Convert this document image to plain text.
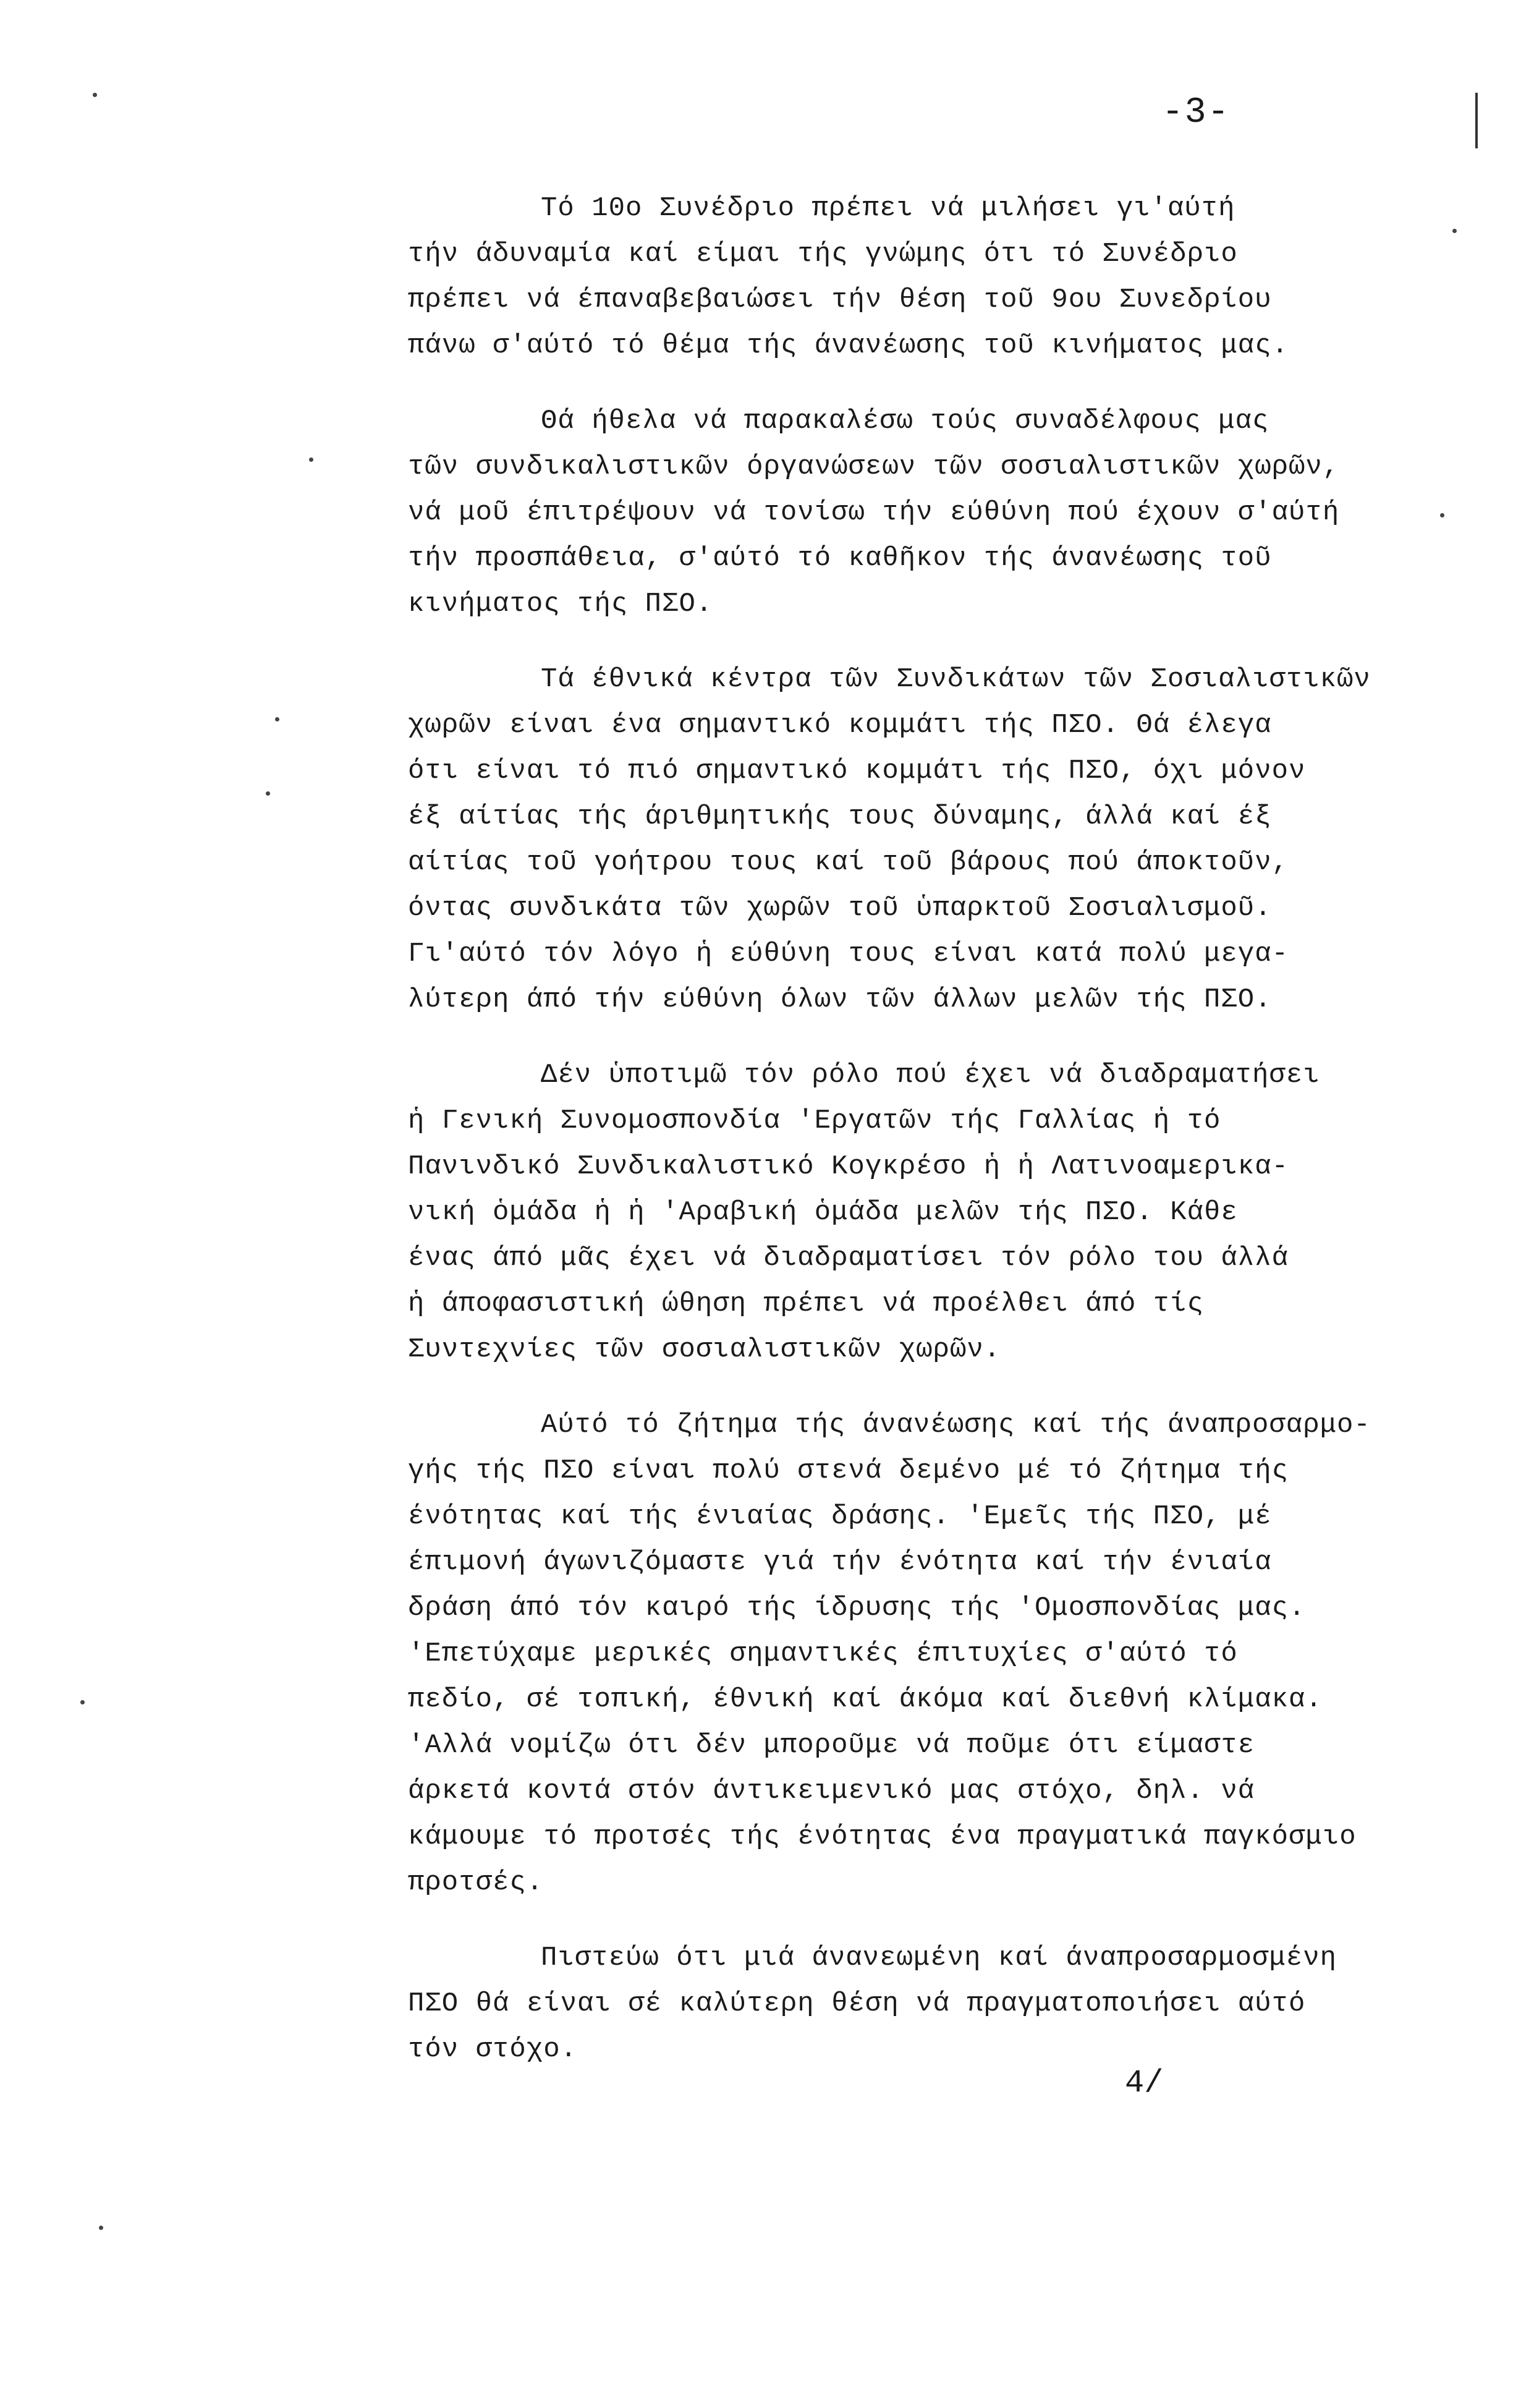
-3-
Τό 10ο Συνέδριο πρέπει νά μιλήσει γι'αύτή
τήν άδυναμία καί είμαι τής γνώμης ότι τό Συνέδριο
πρέπει νά έπαναβεβαιώσει τήν θέση τοῦ 9ου Συνεδρίου
πάνω σ'αύτό τό θέμα τής άνανέωσης τοῦ κινήματος μας.
Θά ήθελα νά παρακαλέσω τούς συναδέλφους μας
τῶν συνδικαλιστικῶν όργανώσεων τῶν σοσιαλιστικῶν χωρῶν,
νά μοῦ έπιτρέψουν νά τονίσω τήν εύθύνη πού έχουν σ'αύτή
τήν προσπάθεια, σ'αύτό τό καθῆκον τής άνανέωσης τοῦ
κινήματος τής ΠΣΟ.
Τά έθνικά κέντρα τῶν Συνδικάτων τῶν Σοσιαλιστικῶν
χωρῶν είναι ένα σημαντικό κομμάτι τής ΠΣΟ. Θά έλεγα
ότι είναι τό πιό σημαντικό κομμάτι τής ΠΣΟ, όχι μόνον
έξ αίτίας τής άριθμητικής τους δύναμης, άλλά καί έξ
αίτίας τοῦ γοήτρου τους καί τοῦ βάρους πού άποκτοῦν,
όντας συνδικάτα τῶν χωρῶν τοῦ ὑπαρκτοῦ Σοσιαλισμοῦ.
Γι'αύτό τόν λόγο ἡ εύθύνη τους είναι κατά πολύ μεγα-
λύτερη άπό τήν εύθύνη όλων τῶν άλλων μελῶν τής ΠΣΟ.
Δέν ὑποτιμῶ τόν ρόλο πού έχει νά διαδραματήσει
ἡ Γενική Συνομοσπονδία 'Εργατῶν τής Γαλλίας ἡ τό
Πανινδικό Συνδικαλιστικό Κογκρέσο ἡ ἡ Λατινοαμερικα-
νική ὁμάδα ἡ ἡ 'Αραβική ὁμάδα μελῶν τής ΠΣΟ. Κάθε
ένας άπό μᾶς έχει νά διαδραματίσει τόν ρόλο του άλλά
ἡ άποφασιστική ώθηση πρέπει νά προέλθει άπό τίς
Συντεχνίες τῶν σοσιαλιστικῶν χωρῶν.
Αύτό τό ζήτημα τής άνανέωσης καί τής άναπροσαρμο-
γής τής ΠΣΟ είναι πολύ στενά δεμένο μέ τό ζήτημα τής
ένότητας καί τής ένιαίας δράσης. 'Εμεῖς τής ΠΣΟ, μέ
έπιμονή άγωνιζόμαστε γιά τήν ένότητα καί τήν ένιαία
δράση άπό τόν καιρό τής ίδρυσης τής 'Ομοσπονδίας μας.
'Επετύχαμε μερικές σημαντικές έπιτυχίες σ'αύτό τό
πεδίο, σέ τοπική, έθνική καί άκόμα καί διεθνή κλίμακα.
'Αλλά νομίζω ότι δέν μποροῦμε νά ποῦμε ότι είμαστε
άρκετά κοντά στόν άντικειμενικό μας στόχο, δηλ. νά
κάμουμε τό προτσές τής ένότητας ένα πραγματικά παγκόσμιο
προτσές.
Πιστεύω ότι μιά άνανεωμένη καί άναπροσαρμοσμένη
ΠΣΟ θά είναι σέ καλύτερη θέση νά πραγματοποιήσει αύτό
τόν στόχο.
4/
